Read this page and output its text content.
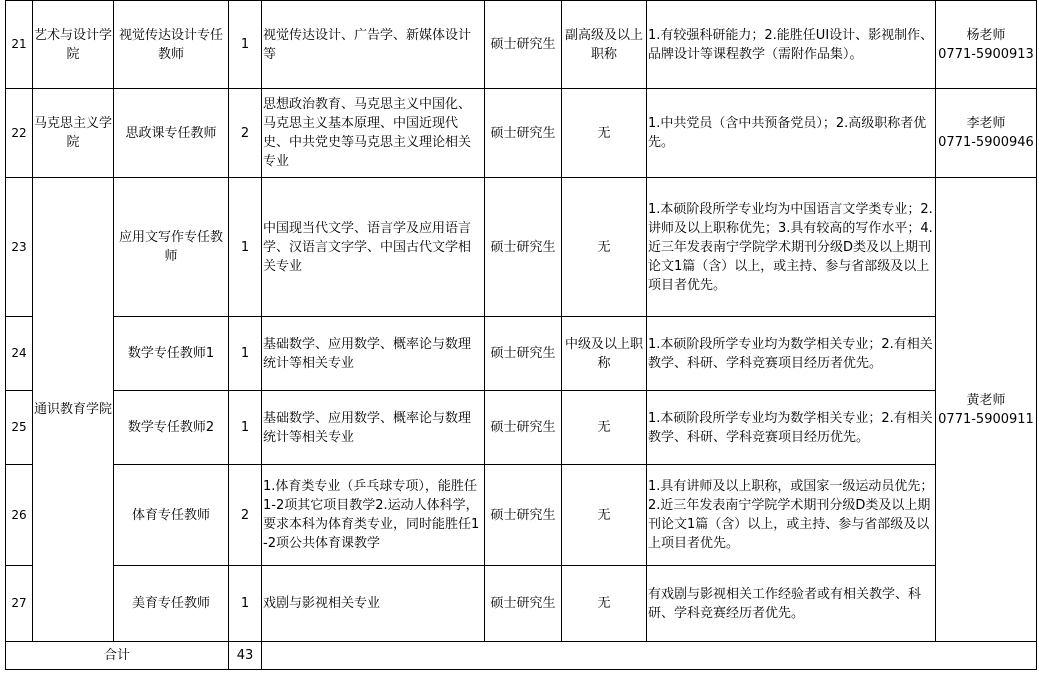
21	艺术与设计学院	视觉传达设计专任教师	1	视觉传达设计、广告学、新媒体设计等	硕士研究生	副高级及以上职称	1.有较强科研能力；2.能胜任UI设计、影视制作、品牌设计等课程教学（需附作品集）。	杨老师
0771-5900913

22	马克思主义学院	思政课专任教师	2	思想政治教育、马克思主义中国化、马克思主义基本原理、中国近现代史、中共党史等马克思主义理论相关专业	硕士研究生	无	1.中共党员（含中共预备党员）；2.高级职称者优先。	李老师
0771-5900946

23	通识教育学院	应用文写作专任教师	1	中国现当代文学、语言学及应用语言学、汉语言文字学、中国古代文学相关专业	硕士研究生	无	1.本硕阶段所学专业均为中国语言文学类专业；2.讲师及以上职称优先；3.具有较高的写作水平；4.近三年发表南宁学院学术期刊分级D类及以上期刊论文1篇（含）以上，或主持、参与省部级及以上项目者优先。	黄老师
0771-5900911

24		数学专任教师1	1	基础数学、应用数学、概率论与数理统计等相关专业	硕士研究生	中级及以上职称	1.本硕阶段所学专业均为数学相关专业；2.有相关教学、科研、学科竞赛项目经历者优先。	
25		数学专任教师2	1	基础数学、应用数学、概率论与数理统计等相关专业	硕士研究生	无	1.本硕阶段所学专业均为数学相关专业；2.有相关教学、科研、学科竞赛项目经历优先。	
26		体育专任教师	2	1.体育类专业（乒乓球专项），能胜任1-2项其它项目教学2.运动人体科学，要求本科为体育类专业，同时能胜任1-2项公共体育课教学	硕士研究生	无	1.具有讲师及以上职称，或国家一级运动员优先；2.近三年发表南宁学院学术期刊分级D类及以上期刊论文1篇（含）以上，或主持、参与省部级及以上项目者优先。	
27		美育专任教师	1	戏剧与影视相关专业	硕士研究生	无	有戏剧与影视相关工作经验者或有相关教学、科研、学科竞赛经历者优先。	
合计			43					
